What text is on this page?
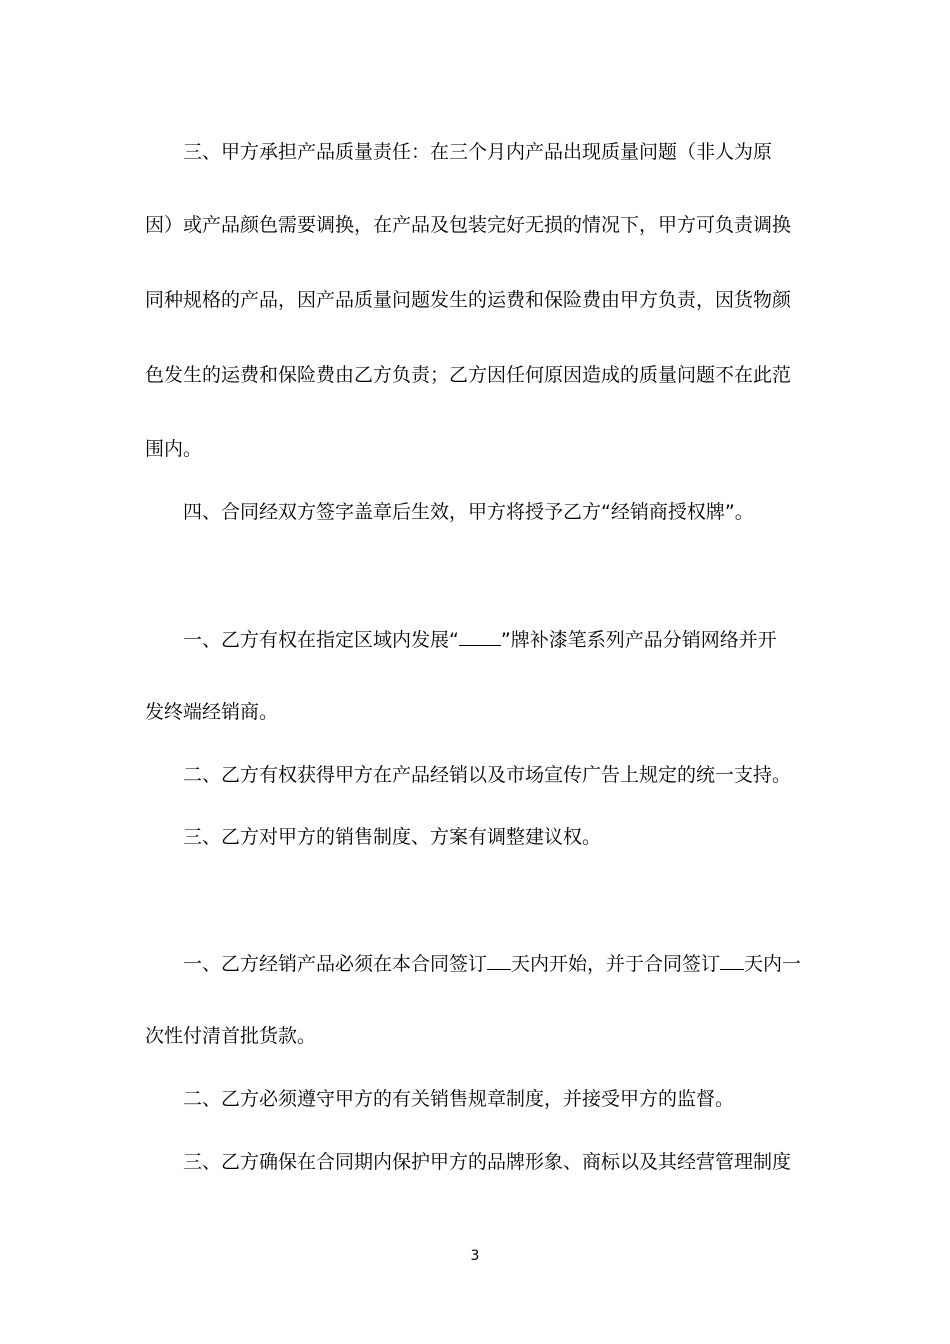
三、甲方承担产品质量责任：在三个月内产品出现质量问题（非人为原
因）或产品颜色需要调换，在产品及包装完好无损的情况下，甲方可负责调换
同种规格的产品，因产品质量问题发生的运费和保险费由甲方负责，因货物颜
色发生的运费和保险费由乙方负责；乙方因任何原因造成的质量问题不在此范
围内。
四、合同经双方签字盖章后生效，甲方将授予乙方“经销商授权牌”。
一、乙方有权在指定区域内发展“ ”牌补漆笔系列产品分销网络并开
发终端经销商。
二、乙方有权获得甲方在产品经销以及市场宣传广告上规定的统一支持。
三、乙方对甲方的销售制度、方案有调整建议权。
一、乙方经销产品必须在本合同签订 天内开始，并于合同签订 天内一
次性付清首批货款。
二、乙方必须遵守甲方的有关销售规章制度，并接受甲方的监督。
三、乙方确保在合同期内保护甲方的品牌形象、商标以及其经营管理制度
3
